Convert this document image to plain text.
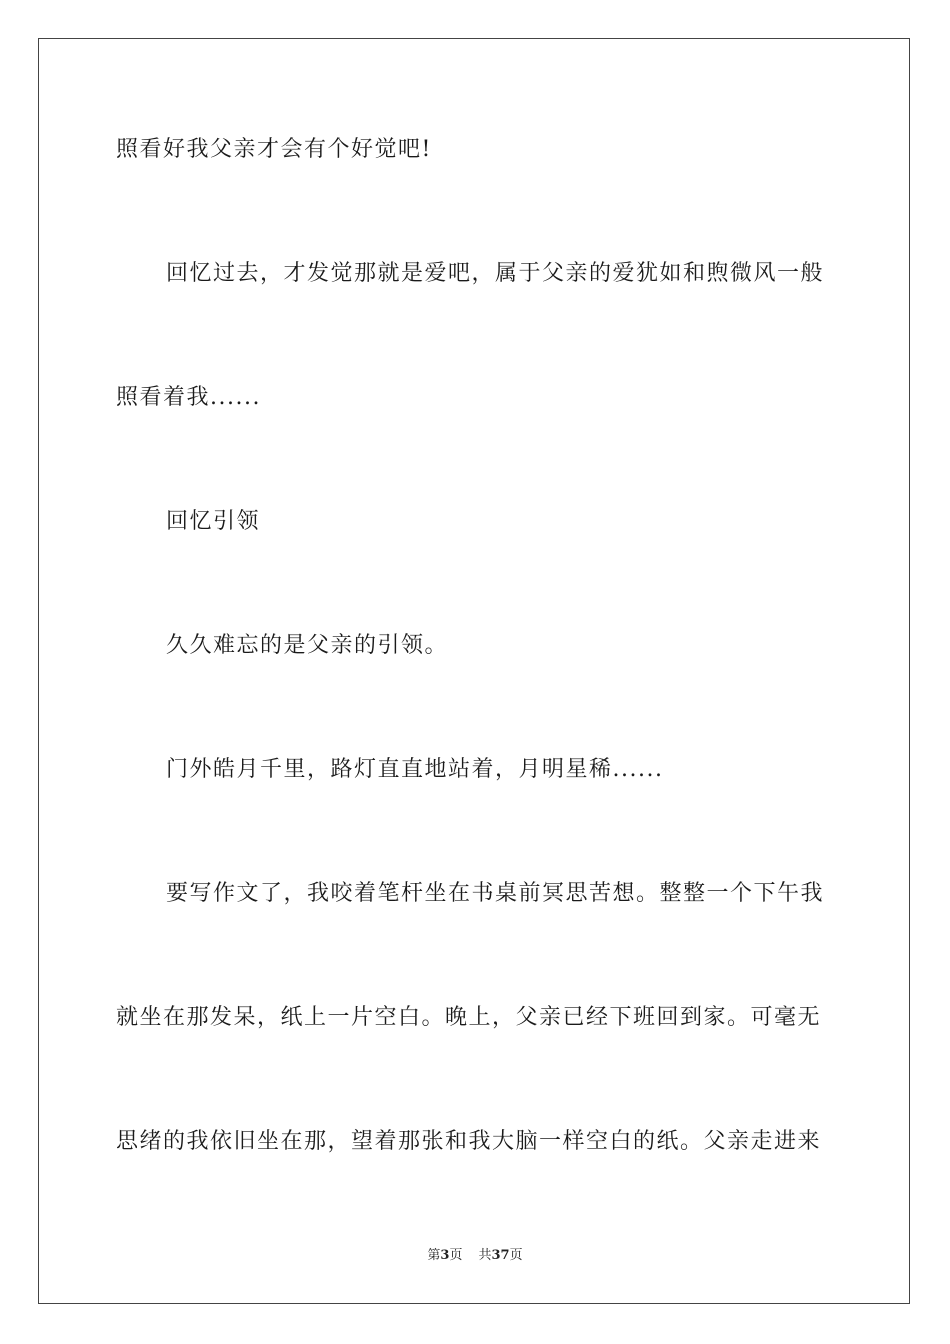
照看好我父亲才会有个好觉吧!
回忆过去，才发觉那就是爱吧，属于父亲的爱犹如和煦微风一般
照看着我......
回忆引领
久久难忘的是父亲的引领。
门外皓月千里，路灯直直地站着，月明星稀......
要写作文了，我咬着笔杆坐在书桌前冥思苦想。整整一个下午我
就坐在那发呆，纸上一片空白。晚上，父亲已经下班回到家。可毫无
思绪的我依旧坐在那，望着那张和我大脑一样空白的纸。父亲走进来
第3页 共37页
